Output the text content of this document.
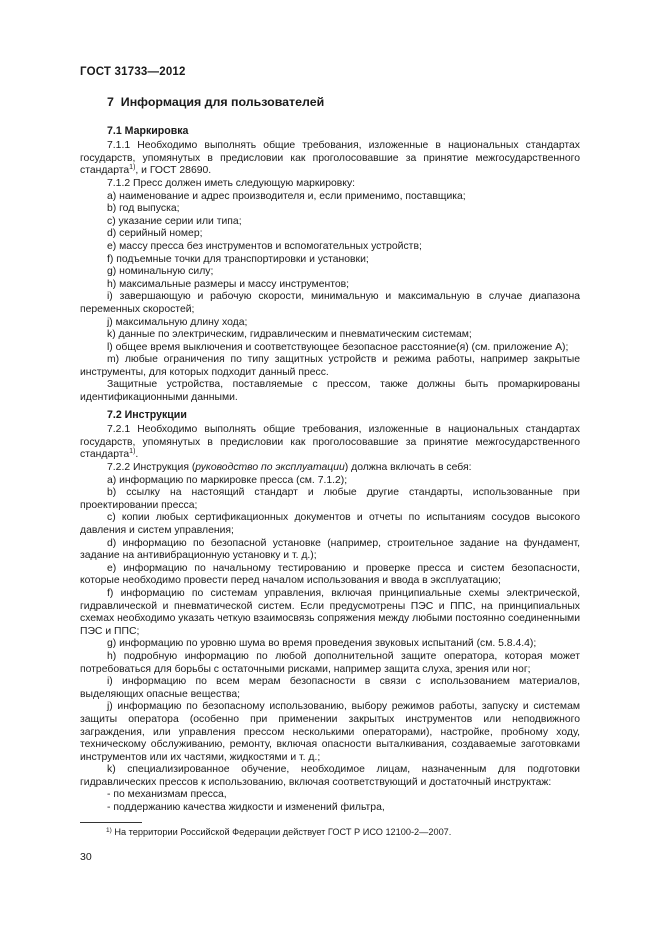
ГОСТ 31733—2012

7 Информация для пользователей

7.1 Маркировка

7.1.1 Необходимо выполнять общие требования, изложенные в национальных стандартах государств, упомянутых в предисловии как проголосовавшие за принятие межгосударственного стандарта$^{1)}$, и ГОСТ 28690.

7.1.2 Пресс должен иметь следующую маркировку:

a) наименование и адрес производителя и, если применимо, поставщика;

b) год выпуска;

c) указание серии или типа;

d) серийный номер;

e) массу пресса без инструментов и вспомогательных устройств;

f) подъемные точки для транспортировки и установки;

g) номинальную силу;

h) максимальные размеры и массу инструментов;

i) завершающую и рабочую скорости, минимальную и максимальную в случае диапазона переменных скоростей;

j) максимальную длину хода;

k) данные по электрическим, гидравлическим и пневматическим системам;

l) общее время выключения и соответствующее безопасное расстояние(я) (см. приложение А);

m) любые ограничения по типу защитных устройств и режима работы, например закрытые инструменты, для которых подходит данный пресс.

Защитные устройства, поставляемые с прессом, также должны быть промаркированы идентификационными данными.

7.2 Инструкции

7.2.1 Необходимо выполнять общие требования, изложенные в национальных стандартах государств, упомянутых в предисловии как проголосовавшие за принятие межгосударственного стандарта$^{1)}$.

7.2.2 Инструкция (руководство по эксплуатации) должна включать в себя:

a) информацию по маркировке пресса (см. 7.1.2);

b) ссылку на настоящий стандарт и любые другие стандарты, использованные при проектировании пресса;

c) копии любых сертификационных документов и отчеты по испытаниям сосудов высокого давления и систем управления;

d) информацию по безопасной установке (например, строительное задание на фундамент, задание на антивибрационную установку и т. д.);

e) информацию по начальному тестированию и проверке пресса и систем безопасности, которые необходимо провести перед началом использования и ввода в эксплуатацию;

f) информацию по системам управления, включая принципиальные схемы электрической, гидравлической и пневматической систем. Если предусмотрены ПЭС и ППС, на принципиальных схемах необходимо указать четкую взаимосвязь сопряжения между любыми постоянно соединенными ПЭС и ППС;

g) информацию по уровню шума во время проведения звуковых испытаний (см. 5.8.4.4);

h) подробную информацию по любой дополнительной защите оператора, которая может потребоваться для борьбы с остаточными рисками, например защита слуха, зрения или ног;

i) информацию по всем мерам безопасности в связи с использованием материалов, выделяющих опасные вещества;

j) информацию по безопасному использованию, выбору режимов работы, запуску и системам защиты оператора (особенно при применении закрытых инструментов или неподвижного заграждения, или управления прессом несколькими операторами), настройке, пробному ходу, техническому обслуживанию, ремонту, включая опасности выталкивания, создаваемые заготовками инструментов или их частями, жидкостями и т. д.;

k) специализированное обучение, необходимое лицам, назначенным для подготовки гидравлических прессов к использованию, включая соответствующий и достаточный инструктаж:

- по механизмам пресса,

- поддержанию качества жидкости и изменений фильтра,

$^{1)}$ На территории Российской Федерации действует ГОСТ Р ИСО 12100-2—2007.
30
